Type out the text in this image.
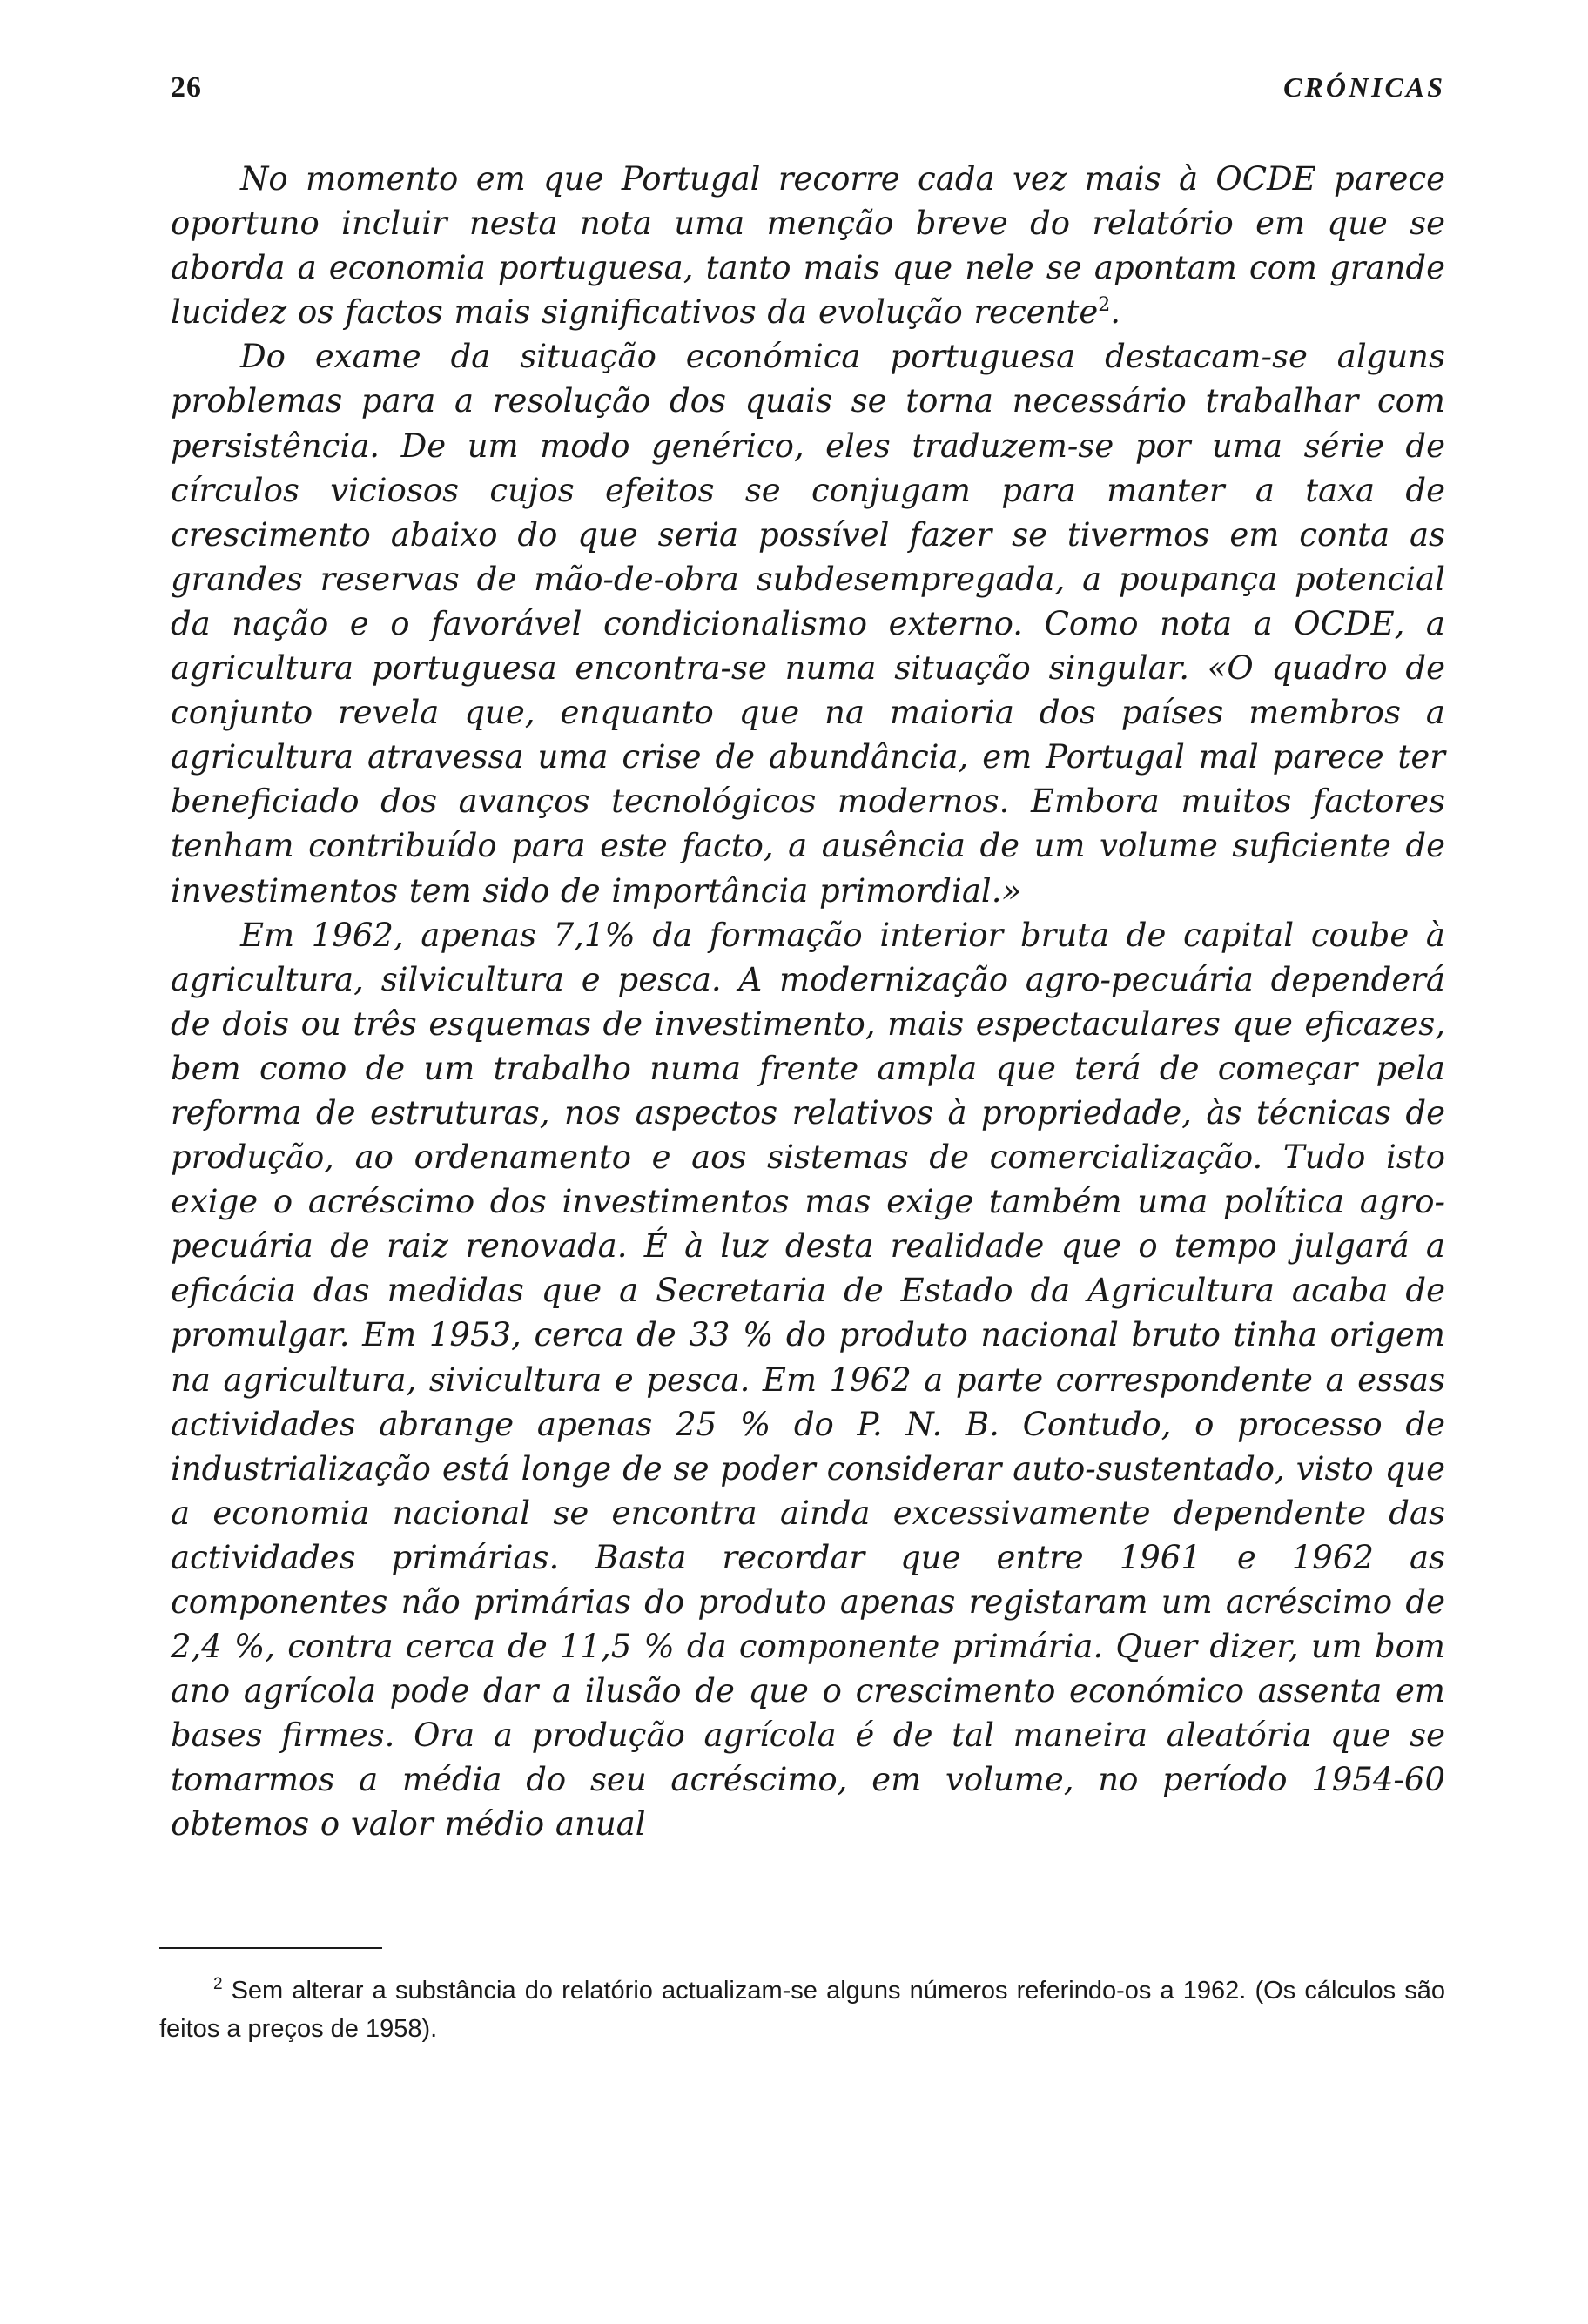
26	CRÓNICAS

No momento em que Portugal recorre cada vez mais à OCDE parece oportuno incluir nesta nota uma menção breve do relatório em que se aborda a economia portuguesa, tanto mais que nele se apontam com grande lucidez os factos mais significativos da evolução recente$^2$.

Do exame da situação económica portuguesa destacam-se alguns problemas para a resolução dos quais se torna necessário trabalhar com persistência. De um modo genérico, eles traduzem-se por uma série de círculos viciosos cujos efeitos se conjugam para manter a taxa de crescimento abaixo do que seria possível fazer se tivermos em conta as grandes reservas de mão-de-obra subdesempregada, a poupança potencial da nação e o favorável condicionalismo externo. Como nota a OCDE, a agricultura portuguesa encontra-se numa situação singular. «O quadro de conjunto revela que, enquanto que na maioria dos países membros a agricultura atravessa uma crise de abundância, em Portugal mal parece ter beneficiado dos avanços tecnológicos modernos. Embora muitos factores tenham contribuído para este facto, a ausência de um volume suficiente de investimentos tem sido de importância primordial.»

Em 1962, apenas 7,1% da formação interior bruta de capital coube à agricultura, silvicultura e pesca. A modernização agro-pecuária dependerá de dois ou três esquemas de investimento, mais espectaculares que eficazes, bem como de um trabalho numa frente ampla que terá de começar pela reforma de estruturas, nos aspectos relativos à propriedade, às técnicas de produção, ao ordenamento e aos sistemas de comercialização. Tudo isto exige o acréscimo dos investimentos mas exige também uma política agro-pecuária de raiz renovada. É à luz desta realidade que o tempo julgará a eficácia das medidas que a Secretaria de Estado da Agricultura acaba de promulgar. Em 1953, cerca de 33 % do produto nacional bruto tinha origem na agricultura, sivicultura e pesca. Em 1962 a parte correspondente a essas actividades abrange apenas 25 % do P. N. B. Contudo, o processo de industrialização está longe de se poder considerar auto-sustentado, visto que a economia nacional se encontra ainda excessivamente dependente das actividades primárias. Basta recordar que entre 1961 e 1962 as componentes não primárias do produto apenas registaram um acréscimo de 2,4 %, contra cerca de 11,5 % da componente primária. Quer dizer, um bom ano agrícola pode dar a ilusão de que o crescimento económico assenta em bases firmes. Ora a produção agrícola é de tal maneira aleatória que se tomarmos a média do seu acréscimo, em volume, no período 1954-60 obtemos o valor médio anual

$^2$ Sem alterar a substância do relatório actualizam-se alguns números referindo-os a 1962. (Os cálculos são feitos a preços de 1958).
